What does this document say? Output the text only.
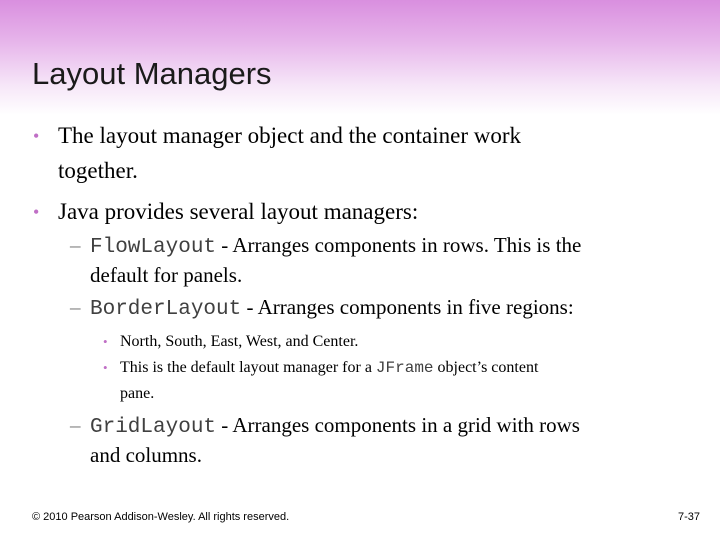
Layout Managers
• The layout manager object and the container work
together.
• Java provides several layout managers:
– FlowLayout - Arranges components in rows. This is the
default for panels.
– BorderLayout - Arranges components in five regions:
• North, South, East, West, and Center.
• This is the default layout manager for a JFrame object’s content
pane.
– GridLayout - Arranges components in a grid with rows
and columns.
© 2010 Pearson Addison-Wesley. All rights reserved.	7-37
